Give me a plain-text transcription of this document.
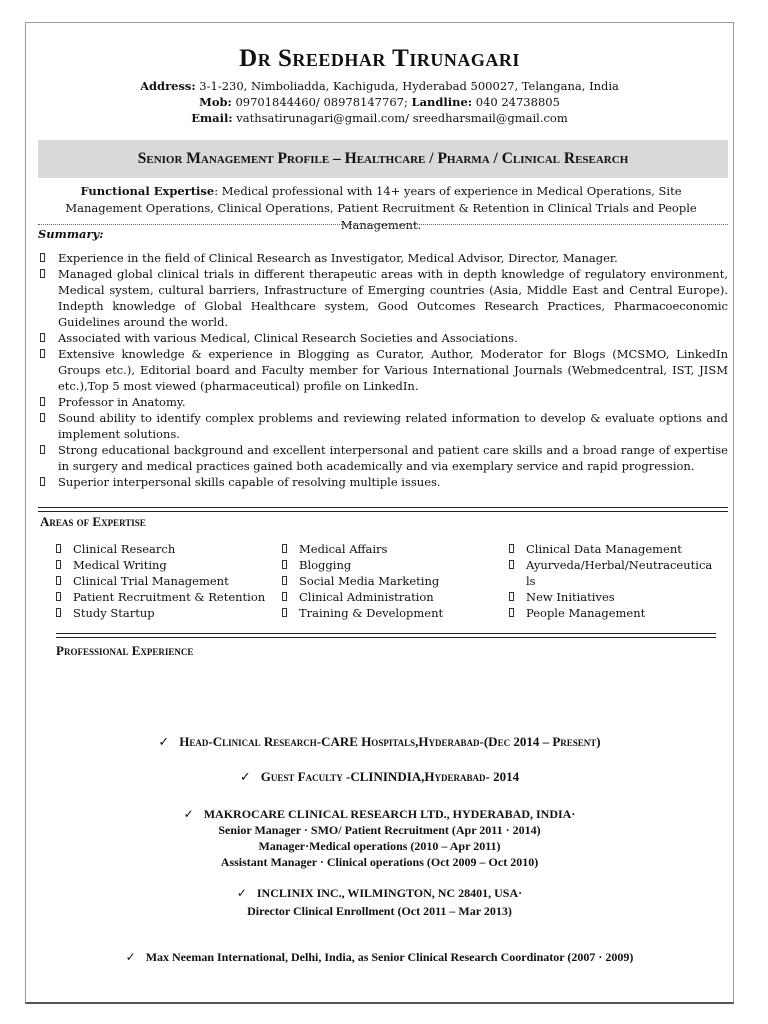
Dr Sreedhar Tirunagari
Address: 3-1-230, Nimboliadda, Kachiguda, Hyderabad 500027, Telangana, India
Mob: 09701844460/ 08978147767; Landline: 040 24738805
Email: vathsatirunagari@gmail.com/ sreedharsmail@gmail.com
Senior Management Profile – Healthcare / Pharma / Clinical Research
Functional Expertise: Medical professional with 14+ years of experience in Medical Operations, Site Management Operations, Clinical Operations, Patient Recruitment & Retention in Clinical Trials and People Management.
Summary:
Experience in the field of Clinical Research as Investigator, Medical Advisor, Director, Manager.
Managed global clinical trials in different therapeutic areas with in depth knowledge of regulatory environment, Medical system, cultural barriers, Infrastructure of Emerging countries (Asia, Middle East and Central Europe). Indepth knowledge of Global Healthcare system, Good Outcomes Research Practices, Pharmacoeconomic Guidelines around the world.
Associated with various Medical, Clinical Research Societies and Associations.
Extensive knowledge & experience in Blogging as Curator, Author, Moderator for Blogs (MCSMO, LinkedIn Groups etc.), Editorial board and Faculty member for Various International Journals (Webmedcentral, IST, JISM etc.),Top 5 most viewed (pharmaceutical) profile on LinkedIn.
Professor in Anatomy.
Sound ability to identify complex problems and reviewing related information to develop & evaluate options and implement solutions.
Strong educational background and excellent interpersonal and patient care skills and a broad range of expertise in surgery and medical practices gained both academically and via exemplary service and rapid progression.
Superior interpersonal skills capable of resolving multiple issues.
Areas of Expertise
Clinical Research
Medical Writing
Clinical Trial Management
Patient Recruitment & Retention
Study Startup
Medical Affairs
Blogging
Social Media Marketing
Clinical Administration
Training & Development
Clinical Data Management
Ayurveda/Herbal/Neutraceuticals
New Initiatives
People Management
Professional Experience
✓ Head-Clinical Research-CARE Hospitals,Hyderabad-(Dec 2014 – Present)
✓ Guest Faculty -CLININDIA,Hyderabad- 2014
✓ MAKROCARE CLINICAL RESEARCH LTD., HYDERABAD, INDIA·
Senior Manager · SMO/ Patient Recruitment (Apr 2011 · 2014)
Manager·Medical operations (2010 – Apr 2011)
Assistant Manager · Clinical operations (Oct 2009 – Oct 2010)
✓ INCLINIX INC., WILMINGTON, NC 28401, USA·
Director Clinical Enrollment (Oct 2011 – Mar 2013)
✓ Max Neeman International, Delhi, India, as Senior Clinical Research Coordinator (2007 · 2009)
